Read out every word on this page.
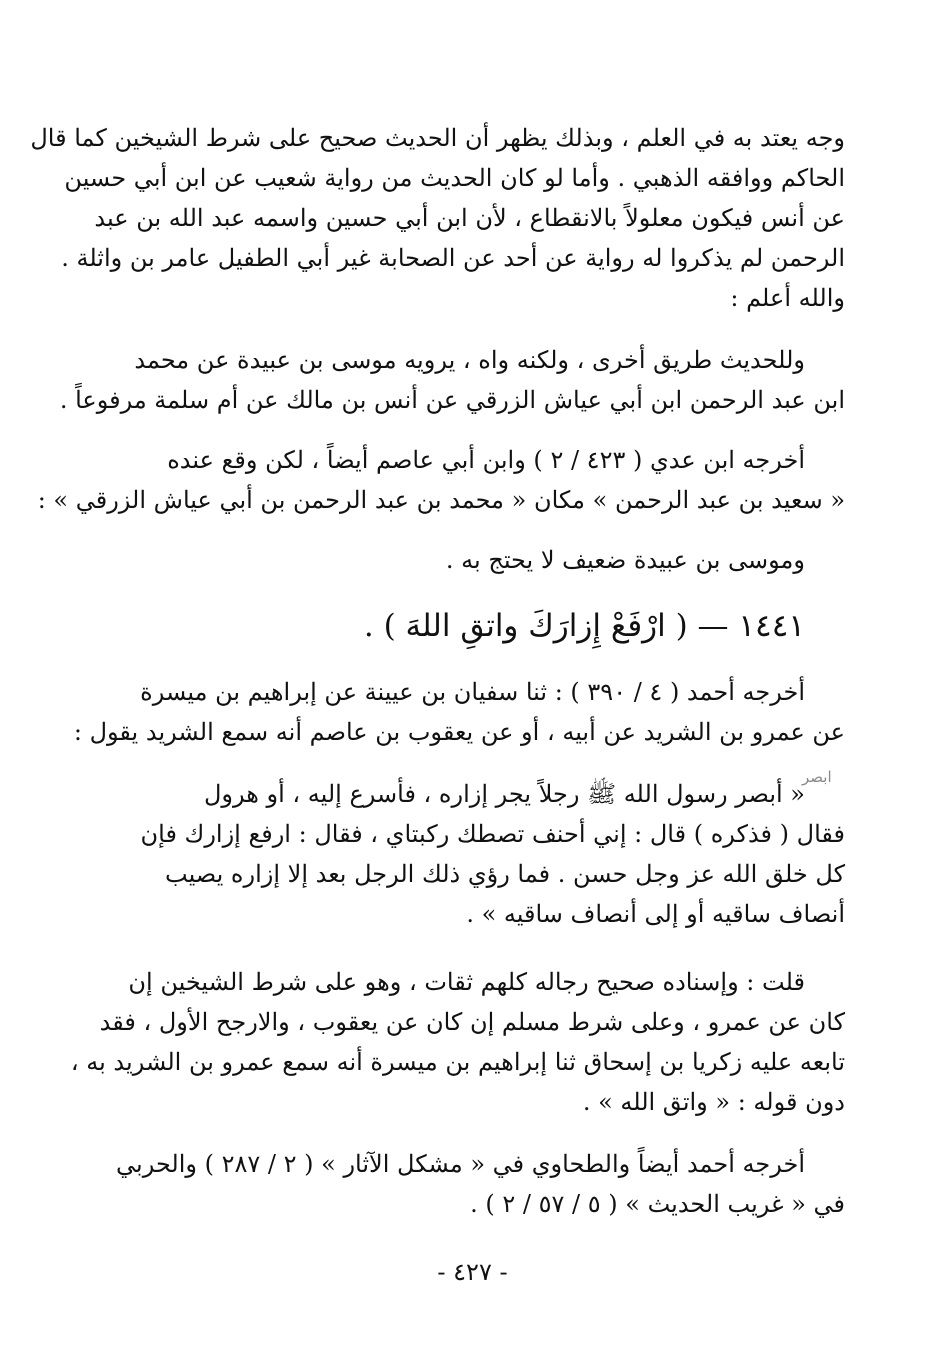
وجه يعتد به في العلم ، وبذلك يظهر أن الحديث صحيح على شرط الشيخين كما قال
الحاكم ووافقه الذهبي . وأما لو كان الحديث من رواية شعيب عن ابن أبي حسين
عن أنس فيكون معلولاً بالانقطاع ، لأن ابن أبي حسين واسمه عبد الله بن عبد
الرحمن لم يذكروا له رواية عن أحد عن الصحابة غير أبي الطفيل عامر بن واثلة .
والله أعلم :
وللحديث طريق أخرى ، ولكنه واه ، يرويه موسى بن عبيدة عن محمد
ابن عبد الرحمن ابن أبي عياش الزرقي عن أنس بن مالك عن أم سلمة مرفوعاً .
أخرجه ابن عدي ( ٤٢٣ / ٢ ) وابن أبي عاصم أيضاً ، لكن وقع عنده
« سعيد بن عبد الرحمن » مكان « محمد بن عبد الرحمن بن أبي عياش الزرقي » :
وموسى بن عبيدة ضعيف لا يحتج به .
١٤٤١ — ( ارْفَعْ إِزارَكَ واتقِ اللهَ ) .
أخرجه أحمد ( ٤ / ٣٩٠ ) : ثنا سفيان بن عيينة عن إبراهيم بن ميسرة
عن عمرو بن الشريد عن أبيه ، أو عن يعقوب بن عاصم أنه سمع الشريد يقول :
« أبصر رسول الله ﷺ رجلاً يجر إزاره ، فأسرع إليه ، أو هرول
فقال ( فذكره ) قال : إني أحنف تصطك ركبتاي ، فقال : ارفع إزارك فإن
كل خلق الله عز وجل حسن . فما رؤي ذلك الرجل بعد إلا إزاره يصيب
أنصاف ساقيه أو إلى أنصاف ساقيه » .
قلت : وإسناده صحيح رجاله كلهم ثقات ، وهو على شرط الشيخين إن
كان عن عمرو ، وعلى شرط مسلم إن كان عن يعقوب ، والارجح الأول ، فقد
تابعه عليه زكريا بن إسحاق ثنا إبراهيم بن ميسرة أنه سمع عمرو بن الشريد به ،
دون قوله : « واتق الله » .
أخرجه أحمد أيضاً والطحاوي في « مشكل الآثار » ( ٢ / ٢٨٧ ) والحربي
في « غريب الحديث » ( ٥ / ٥٧ / ٢ ) .
ابصر
- ٤٢٧ -
